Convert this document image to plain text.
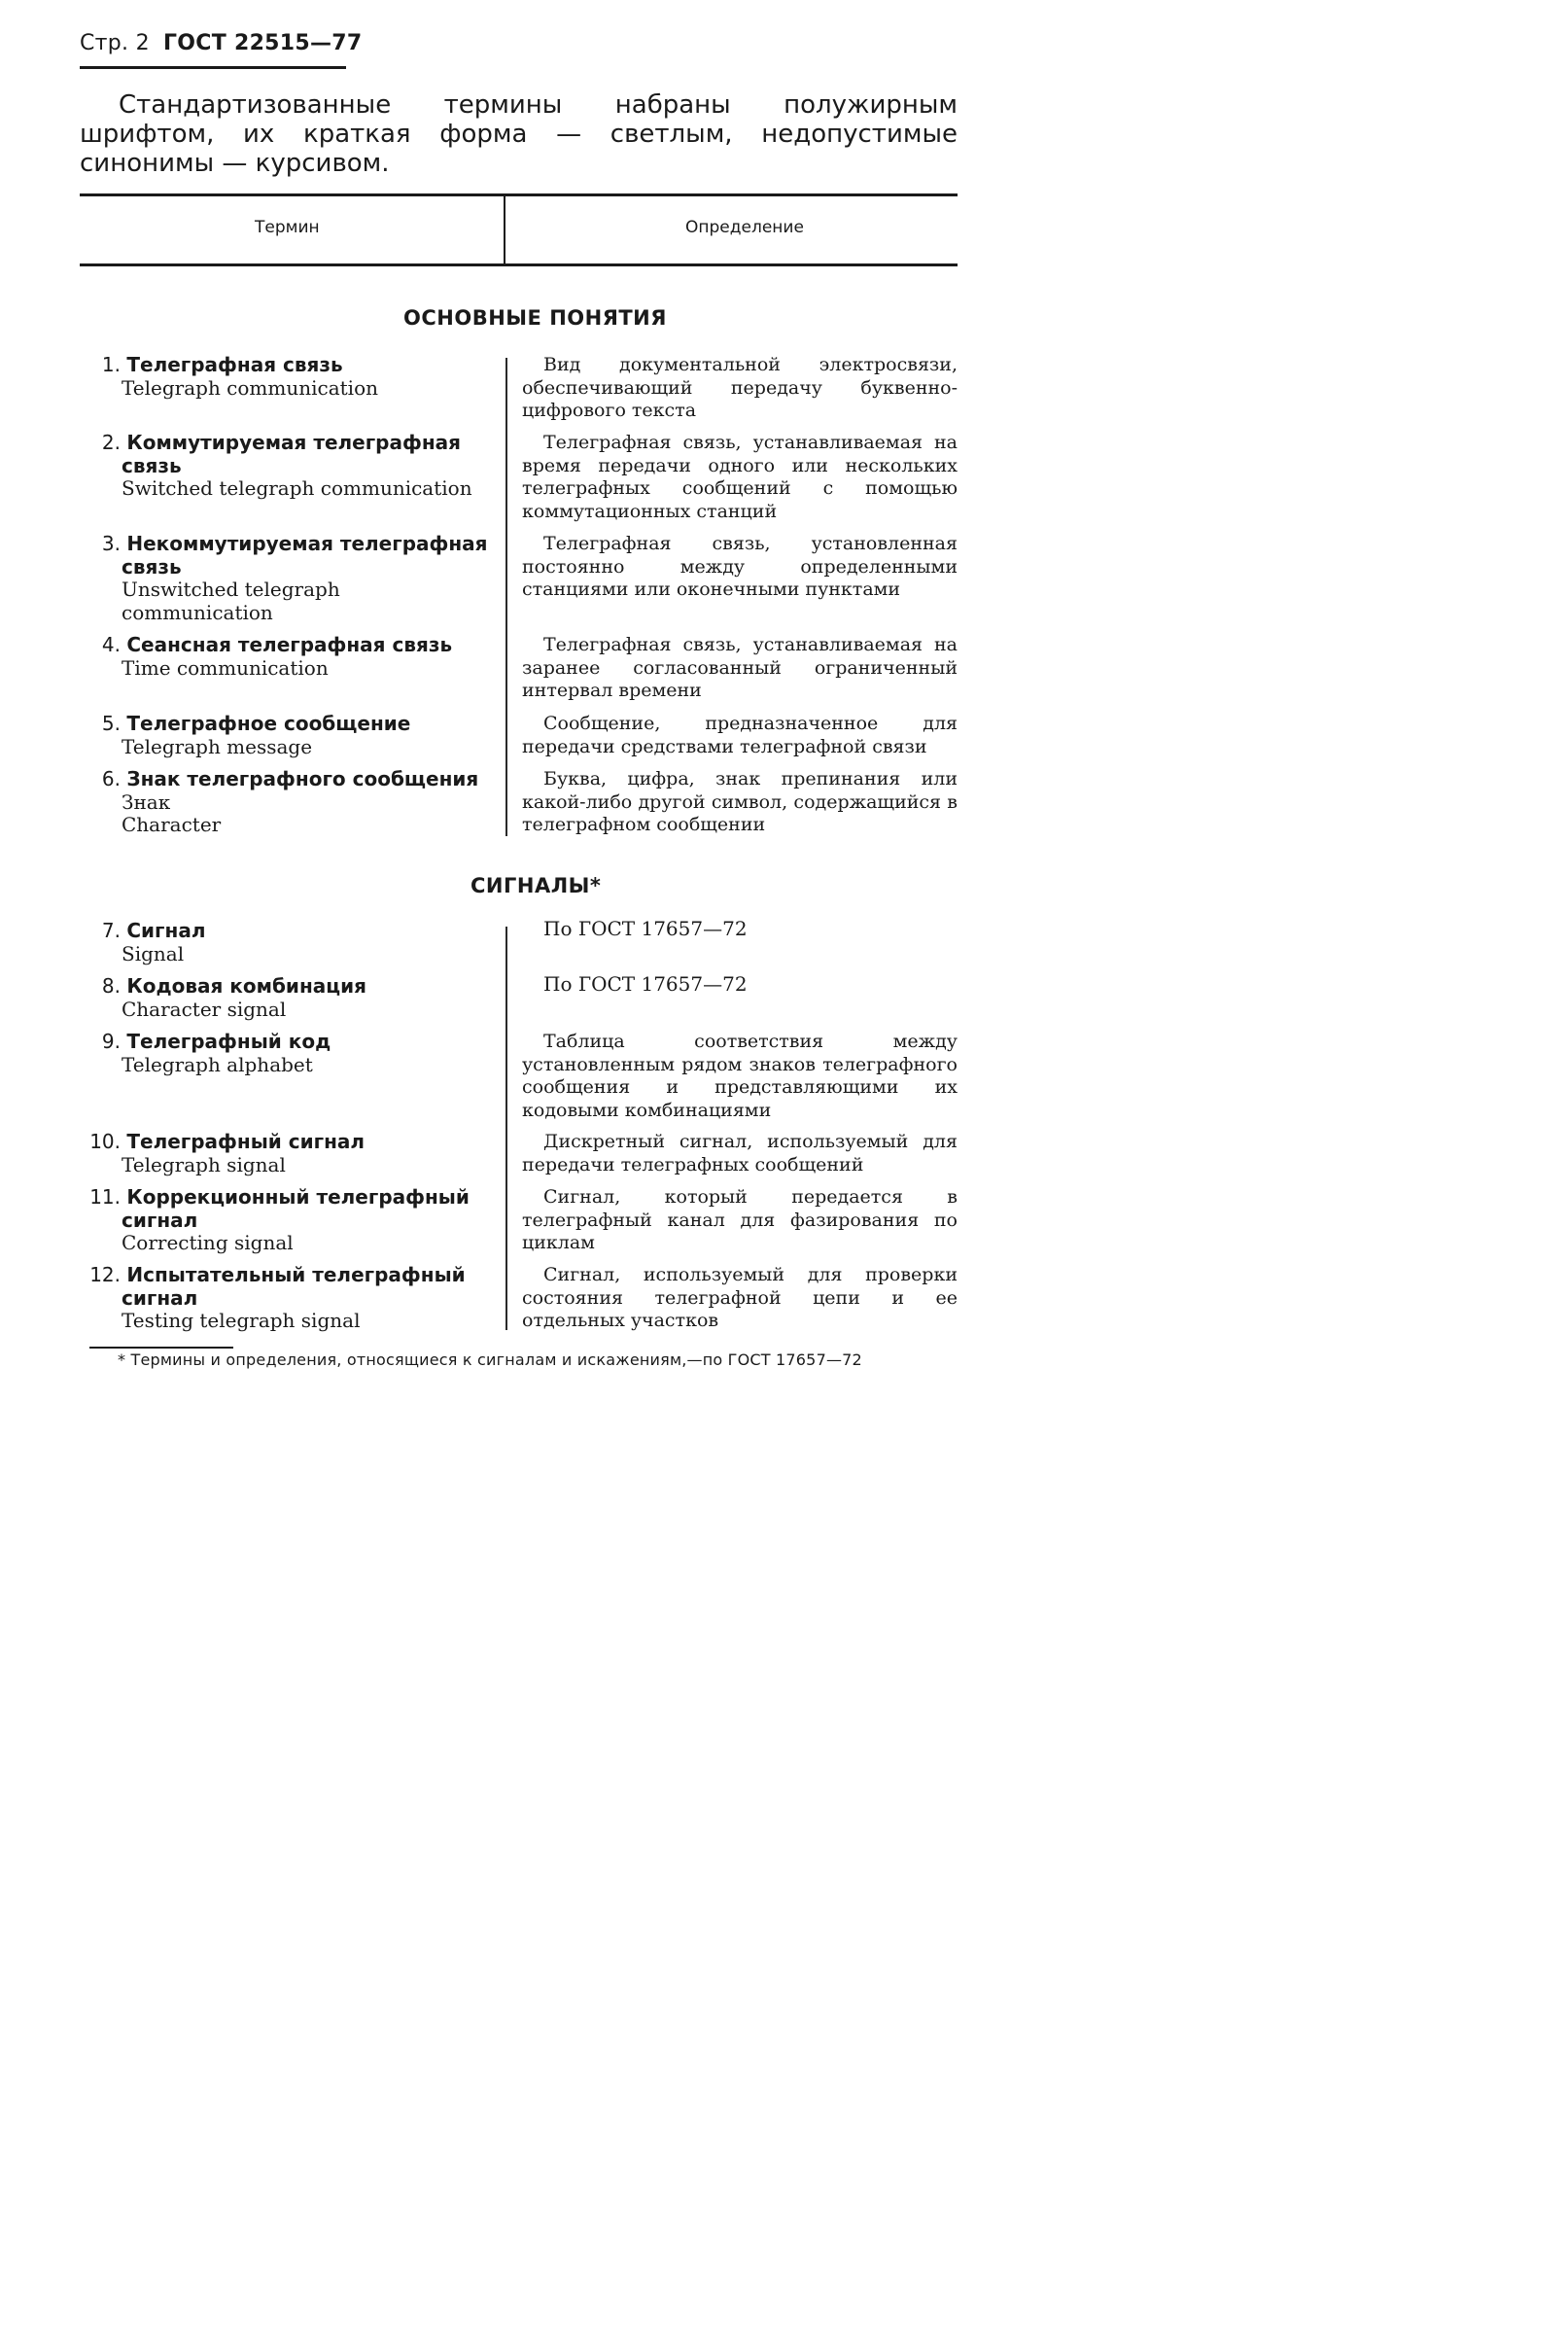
Стр. 2 ГОСТ 22515—77
Стандартизованные термины набраны полужирным шрифтом, их краткая форма — светлым, недопустимые синонимы — курсивом.
Термин	Определение
ОСНОВНЫЕ ПОНЯТИЯ
1. Телеграфная связь
Telegraph communication
Вид документальной электросвязи, обеспечивающий передачу буквенно-цифрового текста
2. Коммутируемая телеграфная
связь
Switched telegraph communication
Телеграфная связь, устанавливаемая на время передачи одного или нескольких телеграфных сообщений с помощью коммутационных станций
3. Некоммутируемая телеграфная
связь
Unswitched telegraph communication
Телеграфная связь, установленная постоянно между определенными станциями или оконечными пунктами
4. Сеансная телеграфная связь
Time communication
Телеграфная связь, устанавливаемая на заранее согласованный ограниченный интервал времени
5. Телеграфное сообщение
Telegraph message
Сообщение, предназначенное для передачи средствами телеграфной связи
6. Знак телеграфного сообщения
Знак
Character
Буква, цифра, знак препинания или какой-либо другой символ, содержащийся в телеграфном сообщении
СИГНАЛЫ*
7. Сигнал
Signal
По ГОСТ 17657—72
8. Кодовая комбинация
Character signal
По ГОСТ 17657—72
9. Телеграфный код
Telegraph alphabet
Таблица соответствия между установленным рядом знаков телеграфного сообщения и представляющими их кодовыми комбинациями
10. Телеграфный сигнал
Telegraph signal
Дискретный сигнал, используемый для передачи телеграфных сообщений
11. Коррекционный телеграфный
сигнал
Correcting signal
Сигнал, который передается в телеграфный канал для фазирования по циклам
12. Испытательный телеграфный
сигнал
Testing telegraph signal
Сигнал, используемый для проверки состояния телеграфной цепи и ее отдельных участков
* Термины и определения, относящиеся к сигналам и искажениям,—по ГОСТ 17657—72
